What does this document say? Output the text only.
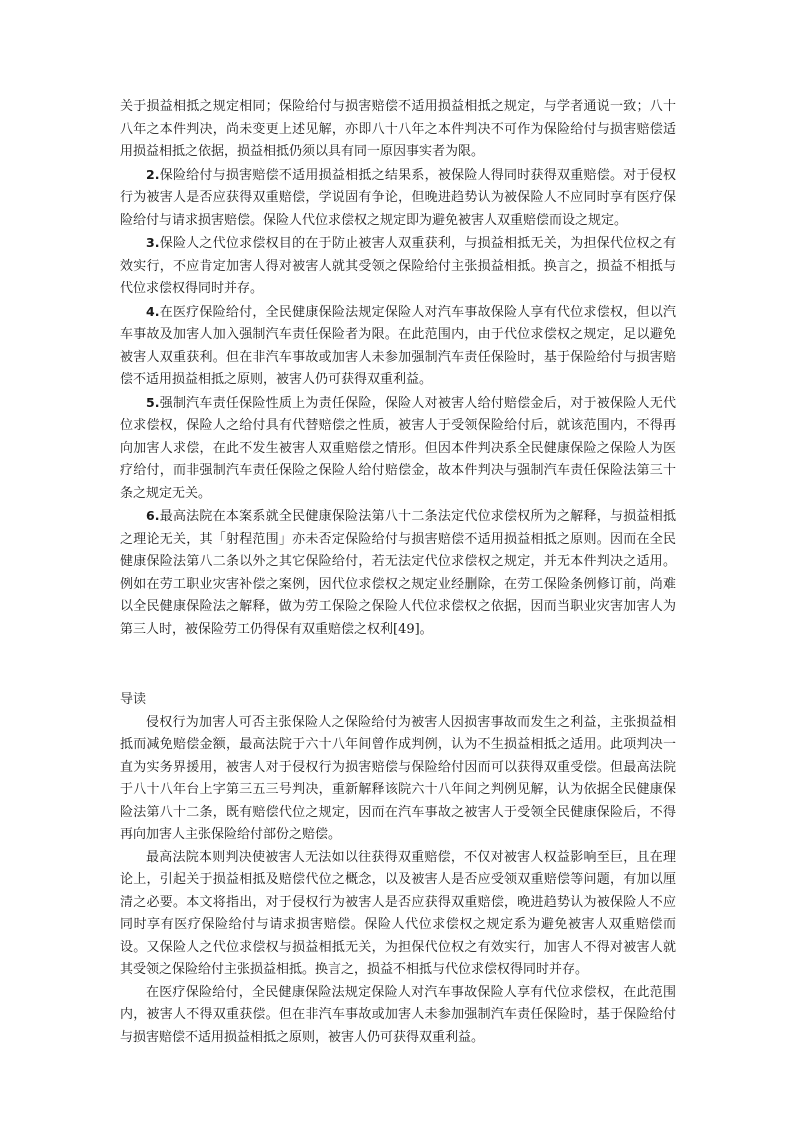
关于损益相抵之规定相同；保险给付与损害赔偿不适用损益相抵之规定，与学者通说一致；八十八年之本件判决，尚未变更上述见解，亦即八十八年之本件判决不可作为保险给付与损害赔偿适用损益相抵之依据，损益相抵仍须以具有同一原因事实者为限。

2.保险给付与损害赔偿不适用损益相抵之结果系，被保险人得同时获得双重赔偿。对于侵权行为被害人是否应获得双重赔偿，学说固有争论，但晚进趋势认为被保险人不应同时享有医疗保险给付与请求损害赔偿。保险人代位求偿权之规定即为避免被害人双重赔偿而设之规定。

3.保险人之代位求偿权目的在于防止被害人双重获利，与损益相抵无关，为担保代位权之有效实行，不应肯定加害人得对被害人就其受领之保险给付主张损益相抵。换言之，损益不相抵与代位求偿权得同时并存。

4.在医疗保险给付，全民健康保险法规定保险人对汽车事故保险人享有代位求偿权，但以汽车事故及加害人加入强制汽车责任保险者为限。在此范围内，由于代位求偿权之规定，足以避免被害人双重获利。但在非汽车事故或加害人未参加强制汽车责任保险时，基于保险给付与损害赔偿不适用损益相抵之原则，被害人仍可获得双重利益。

5.强制汽车责任保险性质上为责任保险，保险人对被害人给付赔偿金后，对于被保险人无代位求偿权，保险人之给付具有代替赔偿之性质，被害人于受领保险给付后，就该范围内，不得再向加害人求偿，在此不发生被害人双重赔偿之情形。但因本件判决系全民健康保险之保险人为医疗给付，而非强制汽车责任保险之保险人给付赔偿金，故本件判决与强制汽车责任保险法第三十条之规定无关。

6.最高法院在本案系就全民健康保险法第八十二条法定代位求偿权所为之解释，与损益相抵之理论无关，其「射程范围」亦未否定保险给付与损害赔偿不适用损益相抵之原则。因而在全民健康保险法第八二条以外之其它保险给付，若无法定代位求偿权之规定，并无本件判决之适用。例如在劳工职业灾害补偿之案例，因代位求偿权之规定业经删除，在劳工保险条例修订前，尚难以全民健康保险法之解释，做为劳工保险之保险人代位求偿权之依据，因而当职业灾害加害人为第三人时，被保险劳工仍得保有双重赔偿之权利[49]。

导读

侵权行为加害人可否主张保险人之保险给付为被害人因损害事故而发生之利益，主张损益相抵而减免赔偿金额，最高法院于六十八年间曾作成判例，认为不生损益相抵之适用。此项判决一直为实务界援用，被害人对于侵权行为损害赔偿与保险给付因而可以获得双重受偿。但最高法院于八十八年台上字第三五三号判决，重新解释该院六十八年间之判例见解，认为依据全民健康保险法第八十二条，既有赔偿代位之规定，因而在汽车事故之被害人于受领全民健康保险后，不得再向加害人主张保险给付部份之赔偿。

最高法院本则判决使被害人无法如以往获得双重赔偿，不仅对被害人权益影响至巨，且在理论上，引起关于损益相抵及赔偿代位之概念，以及被害人是否应受领双重赔偿等问题，有加以厘清之必要。本文将指出，对于侵权行为被害人是否应获得双重赔偿，晚进趋势认为被保险人不应同时享有医疗保险给付与请求损害赔偿。保险人代位求偿权之规定系为避免被害人双重赔偿而设。又保险人之代位求偿权与损益相抵无关，为担保代位权之有效实行，加害人不得对被害人就其受领之保险给付主张损益相抵。换言之，损益不相抵与代位求偿权得同时并存。

在医疗保险给付，全民健康保险法规定保险人对汽车事故保险人享有代位求偿权，在此范围内，被害人不得双重获偿。但在非汽车事故或加害人未参加强制汽车责任保险时，基于保险给付与损害赔偿不适用损益相抵之原则，被害人仍可获得双重利益。
